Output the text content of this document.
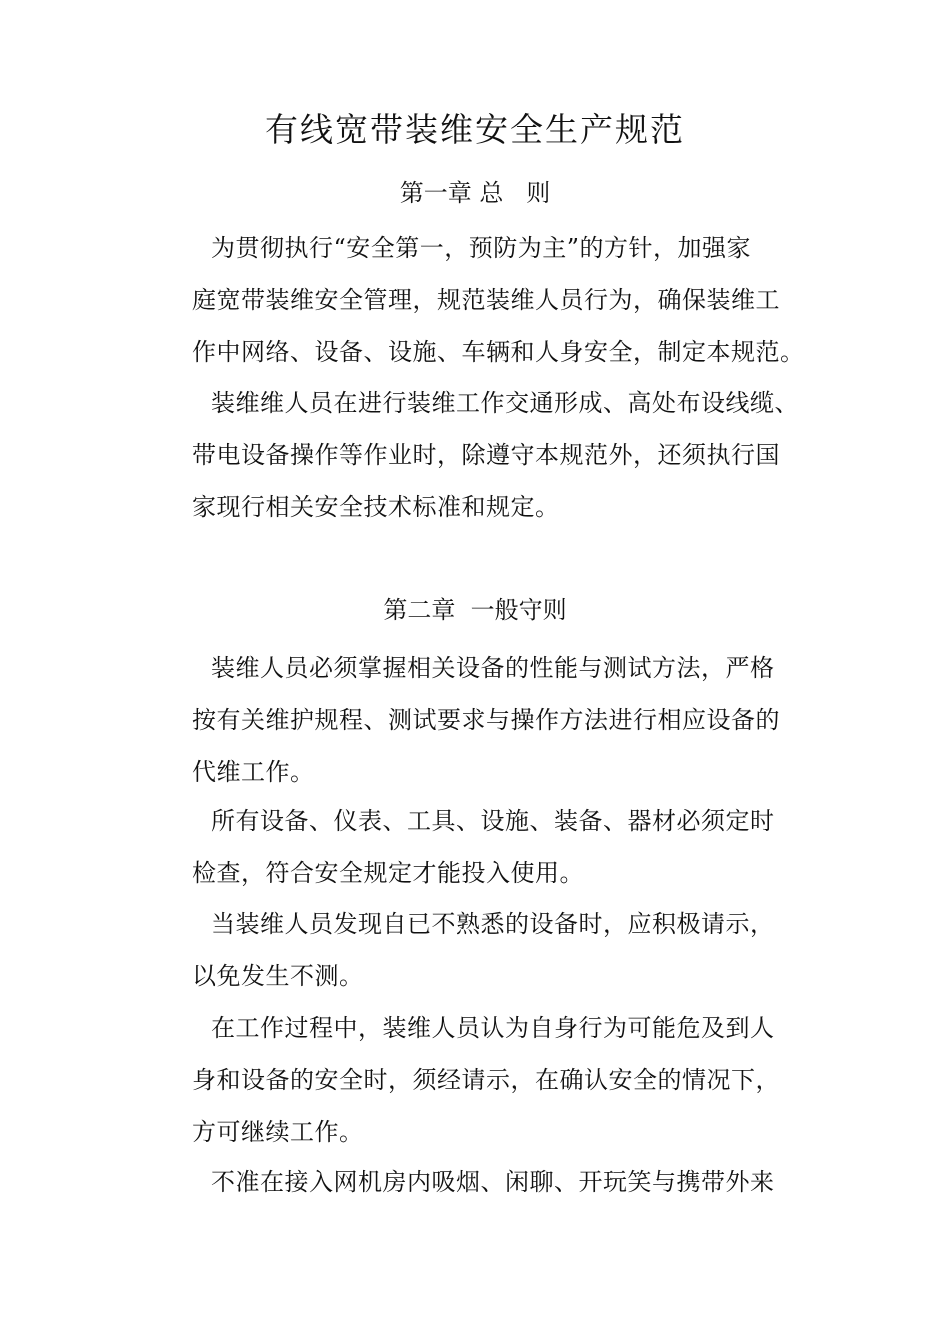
有线宽带装维安全生产规范
第一章 总   则
为贯彻执行“安全第一，预防为主”的方针，加强家
庭宽带装维安全管理，规范装维人员行为，确保装维工
作中网络、设备、设施、车辆和人身安全，制定本规范。
装维维人员在进行装维工作交通形成、高处布设线缆、
带电设备操作等作业时，除遵守本规范外，还须执行国
家现行相关安全技术标准和规定。
第二章  一般守则
装维人员必须掌握相关设备的性能与测试方法，严格
按有关维护规程、测试要求与操作方法进行相应设备的
代维工作。
所有设备、仪表、工具、设施、装备、器材必须定时
检查，符合安全规定才能投入使用。
当装维人员发现自已不熟悉的设备时，应积极请示，
以免发生不测。
在工作过程中，装维人员认为自身行为可能危及到人
身和设备的安全时，须经请示，在确认安全的情况下，
方可继续工作。
不准在接入网机房内吸烟、闲聊、开玩笑与携带外来
